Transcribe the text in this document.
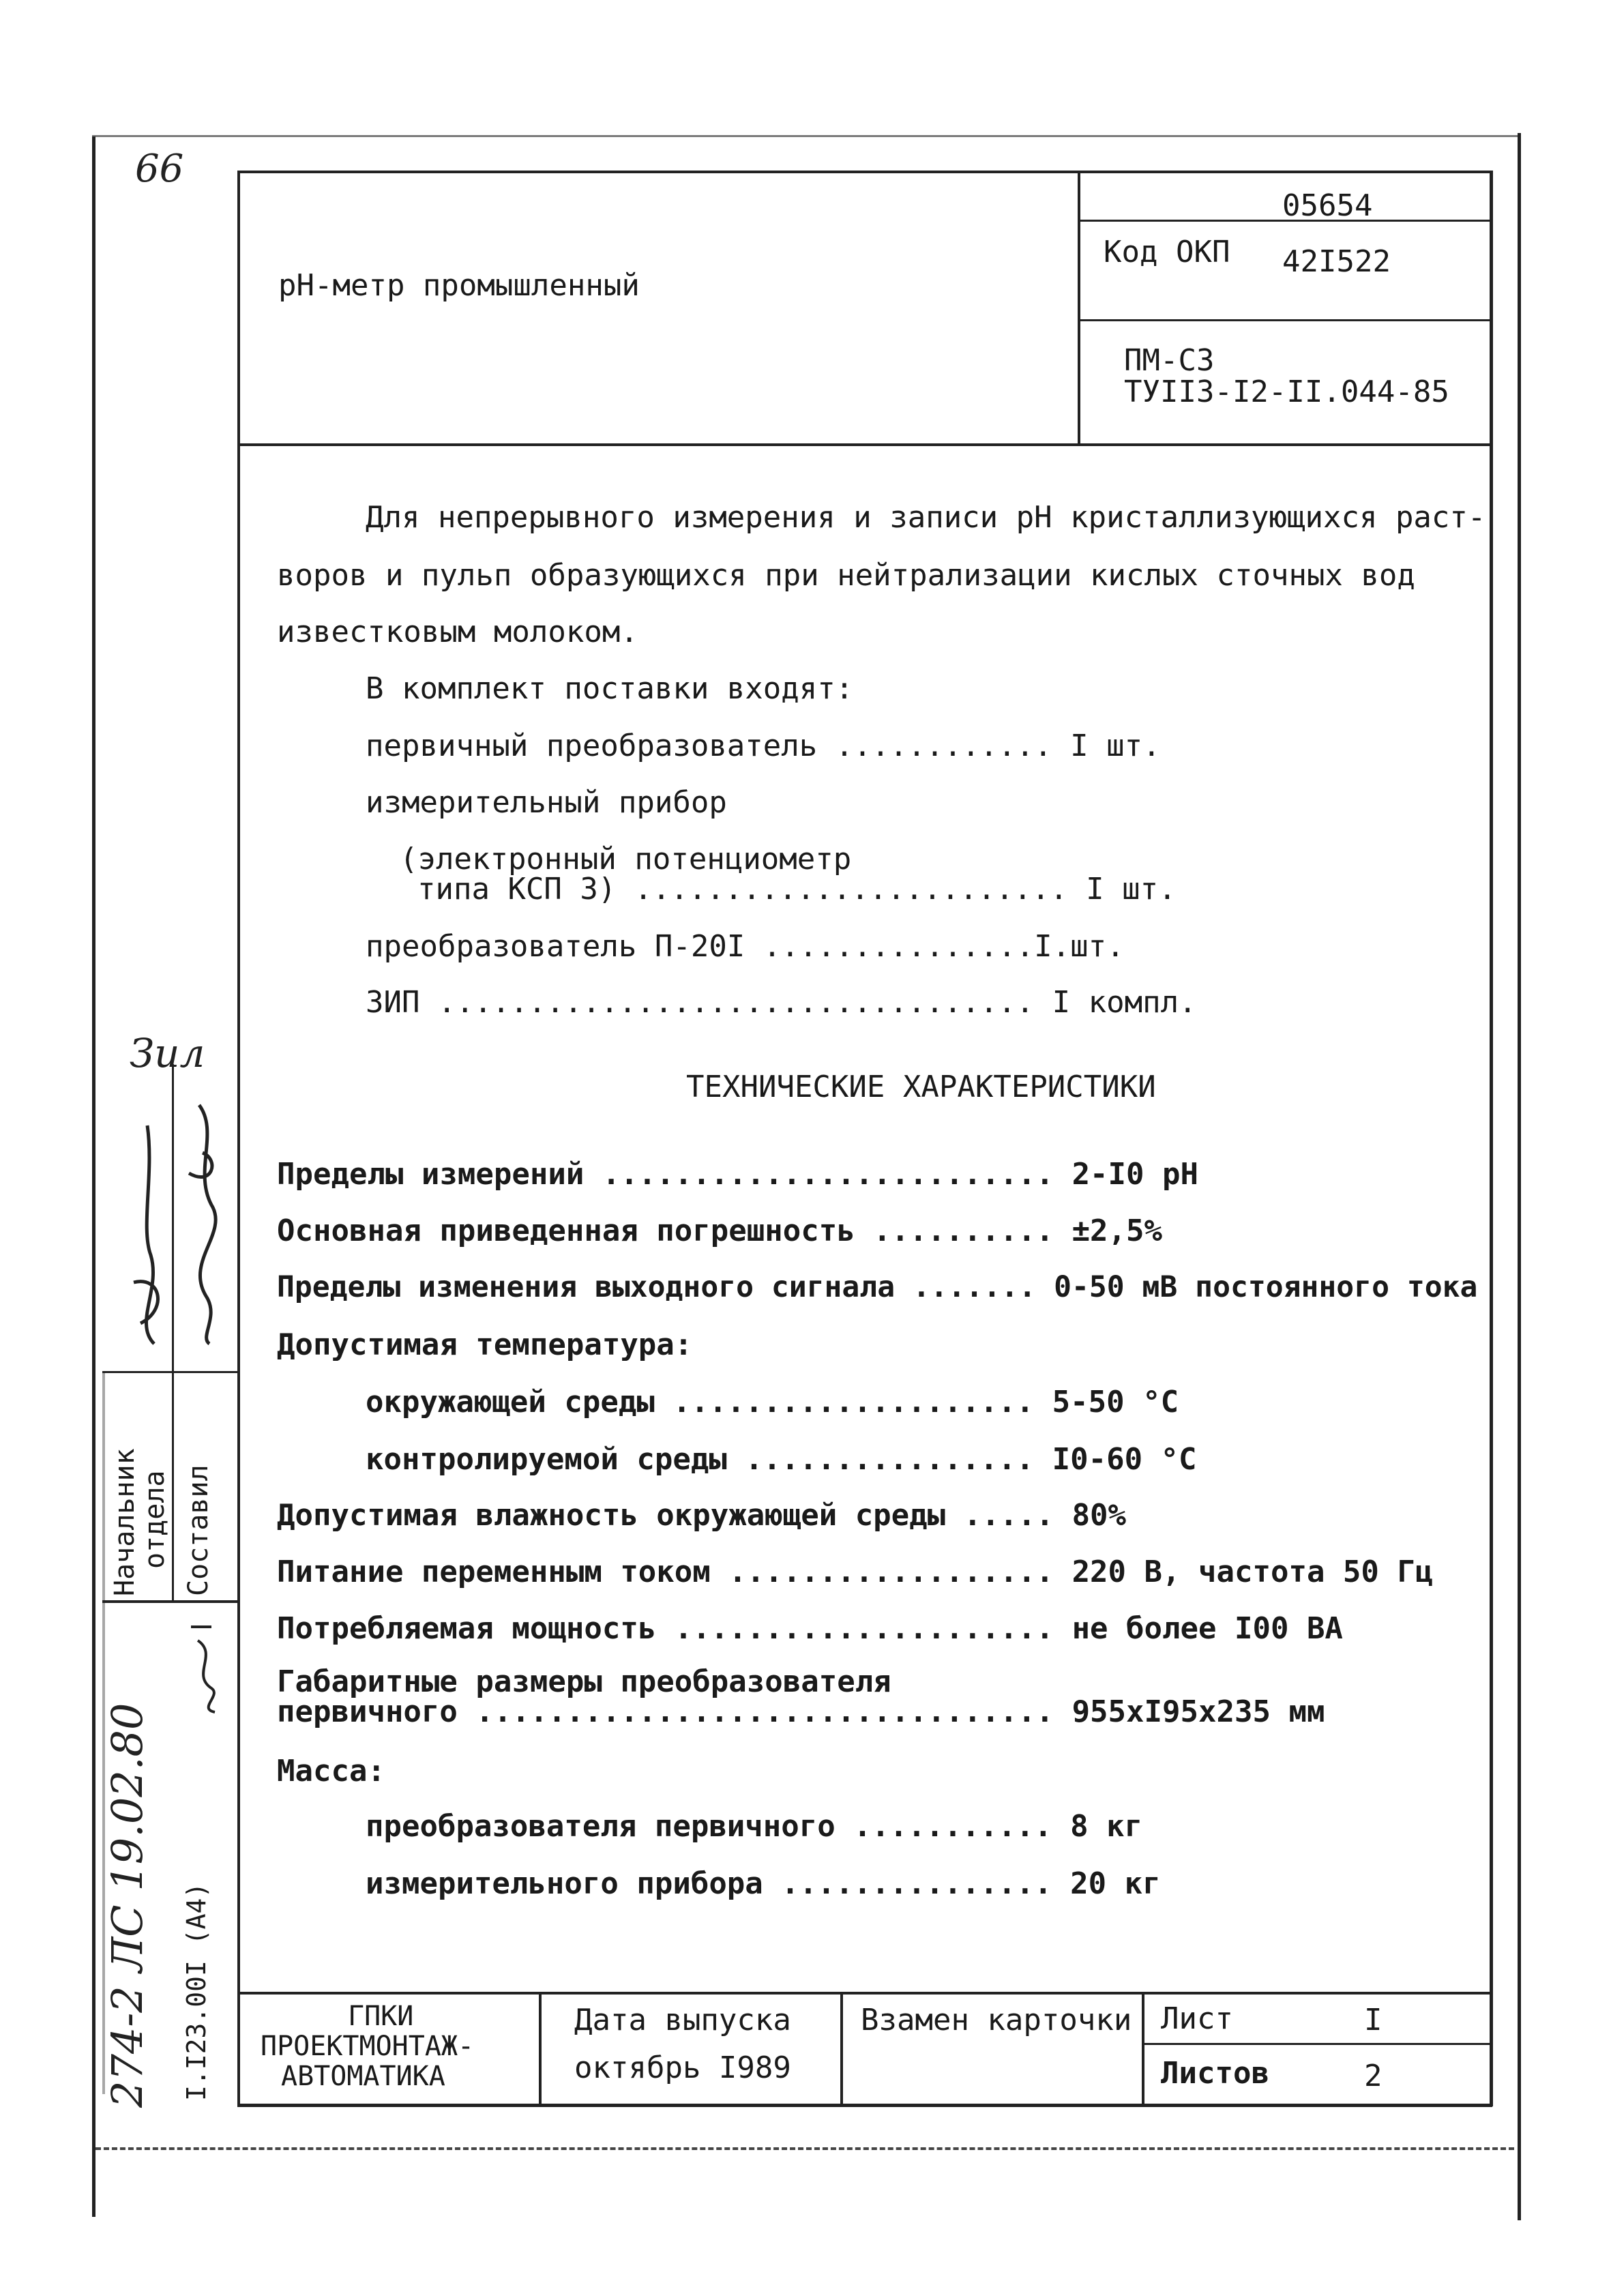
66
pH-метр промышленный
05654
Код ОКП 42I522
ПМ-С3
ТУII3-I2-II.044-85
Для непрерывного измерения и записи pH кристаллизующихся раст-
воров и пульп образующихся при нейтрализации кислых сточных вод
известковым молоком.
В комплект поставки входят:
первичный преобразователь ............ I шт.
измерительный прибор
(электронный потенциометр
типа КСП 3) ........................ I шт.
преобразователь П-20I ...............I.шт.
ЗИП ................................. I компл.
ТЕХНИЧЕСКИЕ ХАРАКТЕРИСТИКИ
Пределы измерений ......................... 2-I0 pH
Основная приведенная погрешность .......... ±2,5%
Пределы изменения выходного сигнала ....... 0-50 мВ постоянного тока
Допустимая температура:
окружающей среды .................... 5-50 °C
контролируемой среды ................ I0-60 °C
Допустимая влажность окружающей среды ..... 80%
Питание переменным током .................. 220 В, частота 50 Гц
Потребляемая мощность ..................... не более I00 ВА
Габаритные размеры преобразователя
первичного ................................ 955хI95х235 мм
Масса:
преобразователя первичного ........... 8 кг
измерительного прибора ............... 20 кг
ГПКИ
ПРОЕКТМОНТАЖ-
АВТОМАТИКА
Дата выпуска
октябрь I989
Взамен карточки Лист	I
Листов	2
Начальник
отдела Составил
I.I23.00I (A4)
274-2 ЛС 19.02.80
Зил
